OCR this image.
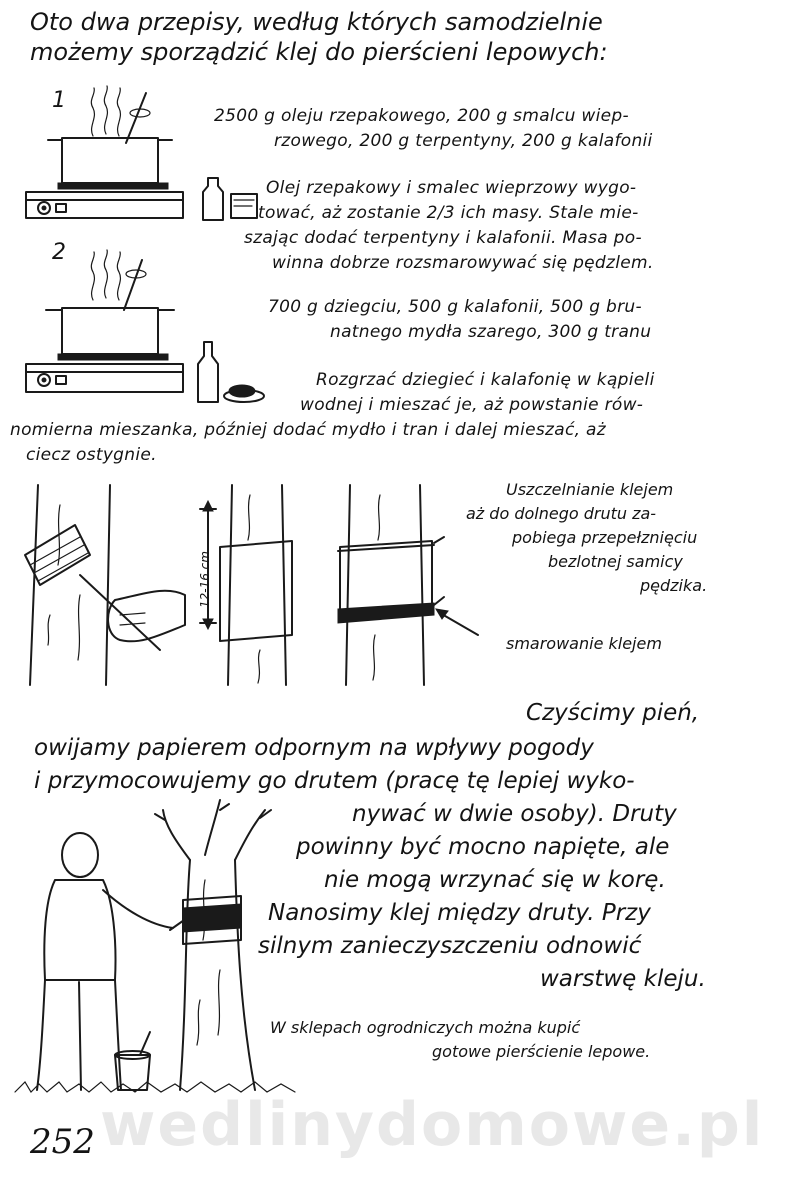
Oto dwa przepisy, według których samodzielnie
możemy sporządzić klej do pierścieni lepowych:
1
2500 g oleju rzepakowego, 200 g smalcu wiep-
rzowego, 200 g terpentyny, 200 g kalafonii
Olej rzepakowy i smalec wieprzowy wygo-
tować, aż zostanie 2/3 ich masy. Stale mie-
szając dodać terpentyny i kalafonii. Masa po-
winna dobrze rozsmarowywać się pędzlem.
2
700 g dziegciu, 500 g kalafonii, 500 g bru-
natnego mydła szarego, 300 g tranu
Rozgrzać dziegieć i kalafonię w kąpieli
wodnej i mieszać je, aż powstanie rów-
nomierna mieszanka, później dodać mydło i tran i dalej mieszać, aż
ciecz ostygnie.
12-16 cm
Uszczelnianie klejem
aż do dolnego drutu za-
pobiega przepełznięciu
bezlotnej samicy
pędzika.
smarowanie klejem
Czyścimy pień,
owijamy papierem odpornym na wpływy pogody
i przymocowujemy go drutem (pracę tę lepiej wyko-
nywać w dwie osoby). Druty
powinny być mocno napięte, ale
nie mogą wrzynać się w korę.
Nanosimy klej między druty. Przy
silnym zanieczyszczeniu odnowić
warstwę kleju.
W sklepach ogrodniczych można kupić
gotowe pierścienie lepowe.
wedlinydomowe.pl
252
